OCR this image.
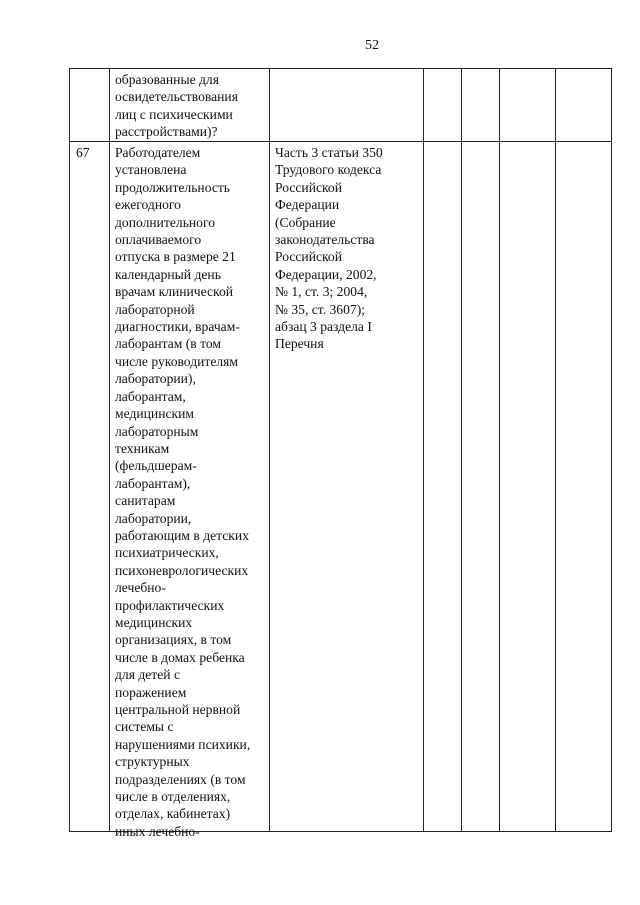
52
образованные для
освидетельствования
лиц с психическими
расстройствами)?
67	Работодателем
установлена
продолжительность
ежегодного
дополнительного
оплачиваемого
отпуска в размере 21
календарный день
врачам клинической
лабораторной
диагностики, врачам-
лаборантам (в том
числе руководителям
лаборатории),
лаборантам,
медицинским
лабораторным
техникам
(фельдшерам-
лаборантам),
санитарам
лаборатории,
работающим в детских
психиатрических,
психоневрологических
лечебно-
профилактических
медицинских
организациях, в том
числе в домах ребенка
для детей с
поражением
центральной нервной
системы с
нарушениями психики,
структурных
подразделениях (в том
числе в отделениях,
отделах, кабинетах)
иных лечебно-
Часть 3 статьи 350
Трудового кодекса
Российской
Федерации
(Собрание
законодательства
Российской
Федерации, 2002,
№ 1, ст. 3; 2004,
№ 35, ст. 3607);
абзац 3 раздела I
Перечня
